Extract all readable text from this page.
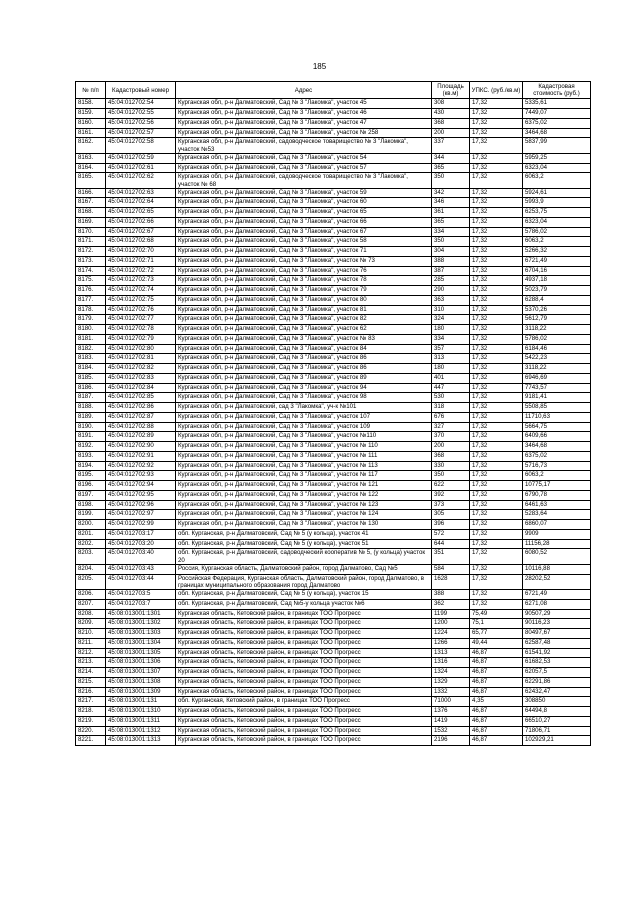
185
№ п/п	Кадастровый номер	Адрес	Площадь (кв.м)	УПКС. (руб./кв.м)	Кадастровая стоимость (руб.)
8158.	45:04:012702:54	Курганская обл, р-н Далматовский, Сад № 3 "Лакомка", участок 45	308	17,32	5335,61
8159.	45:04:012702:55	Курганская обл, р-н Далматовский, Сад № 3 "Лакомка", участок 46	430	17,32	7449,07
8160.	45:04:012702:56	Курганская обл, р-н Далматовский, Сад № 3 "Лакомка", участок 47	368	17,32	6375,02
8161.	45:04:012702:57	Курганская обл, р-н Далматовский, Сад № 3 "Лакомка", участок № 258	200	17,32	3464,68
8162.	45:04:012702:58	Курганская обл, р-н Далматовский, садоводческое товарищество № 3 "Лакомка", участок №53	337	17,32	5837,99
8163.	45:04:012702:59	Курганская обл, р-н Далматовский, Сад № 3 "Лакомка", участок 54	344	17,32	5959,25
8164.	45:04:012702:61	Курганская обл, р-н Далматовский, Сад № 3 "Лакомка", участок 57	365	17,32	6323,04
8165.	45:04:012702:62	Курганская обл, р-н Далматовский, садоводческое товарищество № 3 "Лакомка", участок № 68	350	17,32	6063,2
8166.	45:04:012702:63	Курганская обл, р-н Далматовский, Сад № 3 "Лакомка", участок 59	342	17,32	5924,61
8167.	45:04:012702:64	Курганская обл, р-н Далматовский, Сад № 3 "Лакомка", участок 60	346	17,32	5993,9
8168.	45:04:012702:65	Курганская обл, р-н Далматовский, Сад № 3 "Лакомка", участок 65	361	17,32	6253,75
8169.	45:04:012702:66	Курганская обл, р-н Далматовский, Сад № 3 "Лакомка", участок 66	365	17,32	6323,04
8170.	45:04:012702:67	Курганская обл, р-н Далматовский, Сад № 3 "Лакомка", участок 67	334	17,32	5786,02
8171.	45:04:012702:68	Курганская обл, р-н Далматовский, Сад № 3 "Лакомка", участок 58	350	17,32	6063,2
8172.	45:04:012702:70	Курганская обл, р-н Далматовский, Сад № 3 "Лакомка", участок 71	304	17,32	5266,32
8173.	45:04:012702:71	Курганская обл, р-н Далматовский, Сад № 3 "Лакомка", участок № 73	388	17,32	6721,49
8174.	45:04:012702:72	Курганская обл, р-н Далматовский, Сад № 3 "Лакомка", участок 76	387	17,32	6704,16
8175.	45:04:012702:73	Курганская обл, р-н Далматовский, Сад № 3 "Лакомка", участок 78	285	17,32	4937,18
8176.	45:04:012702:74	Курганская обл, р-н Далматовский, Сад № 3 "Лакомка", участок 79	290	17,32	5023,79
8177.	45:04:012702:75	Курганская обл, р-н Далматовский, Сад № 3 "Лакомка", участок 80	363	17,32	6288,4
8178.	45:04:012702:76	Курганская обл, р-н Далматовский, Сад № 3 "Лакомка", участок 81	310	17,32	5370,26
8179.	45:04:012702:77	Курганская обл, р-н Далматовский, Сад № 3 "Лакомка", участок 82	324	17,32	5612,79
8180.	45:04:012702:78	Курганская обл, р-н Далматовский, Сад № 3 "Лакомка", участок 62	180	17,32	3118,22
8181.	45:04:012702:79	Курганская обл, р-н Далматовский, Сад № 3 "Лакомка", участок № 83	334	17,32	5786,02
8182.	45:04:012702:80	Курганская обл, р-н Далматовский, Сад № 3 "Лакомка", участок 84	357	17,32	6184,46
8183.	45:04:012702:81	Курганская обл, р-н Далматовский, Сад № 3 "Лакомка", участок 86	313	17,32	5422,23
8184.	45:04:012702:82	Курганская обл, р-н Далматовский, Сад № 3 "Лакомка", участок 86	180	17,32	3118,22
8185.	45:04:012702:83	Курганская обл, р-н Далматовский, Сад № 3 "Лакомка", участок 89	401	17,32	6946,69
8186.	45:04:012702:84	Курганская обл, р-н Далматовский, Сад № 3 "Лакомка", участок 94	447	17,32	7743,57
8187.	45:04:012702:85	Курганская обл, р-н Далматовский, Сад № 3 "Лакомка", участок 98	530	17,32	9181,41
8188.	45:04:012702:86	Курганская обл, р-н Далматовский, сад 3 "Лакомка", уч-к №101	318	17,32	5508,85
8189.	45:04:012702:87	Курганская обл, р-н Далматовский, Сад № 3 "Лакомка", участок 107	676	17,32	11710,63
8190.	45:04:012702:88	Курганская обл, р-н Далматовский, Сад № 3 "Лакомка", участок 109	327	17,32	5664,75
8191.	45:04:012702:89	Курганская обл, р-н Далматовский, Сад № 3 "Лакомка", участок №110	370	17,32	6409,66
8192.	45:04:012702:90	Курганская обл, р-н Далматовский, Сад № 3 "Лакомка", участок № 110	200	17,32	3464,68
8193.	45:04:012702:91	Курганская обл, р-н Далматовский, Сад № 3 "Лакомка", участок № 111	368	17,32	6375,02
8194.	45:04:012702:92	Курганская обл, р-н Далматовский, Сад № 3 "Лакомка", участок № 113	330	17,32	5716,73
8195.	45:04:012702:93	Курганская обл, р-н Далматовский, Сад № 3 "Лакомка", участок № 117	350	17,32	6063,2
8196.	45:04:012702:94	Курганская обл, р-н Далматовский, Сад № 3 "Лакомка", участок № 121	622	17,32	10775,17
8197.	45:04:012702:95	Курганская обл, р-н Далматовский, Сад № 3 "Лакомка", участок № 122	392	17,32	6790,78
8198.	45:04:012702:96	Курганская обл, р-н Далматовский, Сад № 3 "Лакомка", участок № 123	373	17,32	6461,63
8199.	45:04:012702:97	Курганская обл, р-н Далматовский, Сад № 3 "Лакомка", участок № 124	305	17,32	5283,64
8200.	45:04:012702:99	Курганская обл, р-н Далматовский, Сад № 3 "Лакомка", участок № 130	396	17,32	6860,07
8201.	45:04:012703:17	обл. Курганская, р-н Далматовский, Сад № 5 (у кольца), участок 41	572	17,32	9909
8202.	45:04:012703:20	обл. Курганская, р-н Далматовский, Сад № 5 (у кольца), участок 51	644	17,32	11156,28
8203.	45:04:012703:40	обл. Курганская, р-н Далматовский, садоводческий кооператив № 5, (у кольца) участок 20	351	17,32	6080,52
8204.	45:04:012703:43	Россия, Курганская область, Далматовский район, город Далматово, Сад №5	584	17,32	10116,88
8205.	45:04:012703:44	Российская Федерация, Курганская область, Далматовский район, город Далматово, в границах муниципального образования город Далматово	1628	17,32	28202,52
8206.	45:04:012703:5	обл. Курганская, р-н Далматовский, Сад № 5 (у кольца), участок 15	388	17,32	6721,49
8207.	45:04:012703:7	обл. Курганская, р-н Далматовский, Сад №5-у кольца участок №6	362	17,32	6271,08
8208.	45:08:013001:1301	Курганская область, Кетовский район, в границах ТОО Прогресс	1199	75,49	90507,29
8209.	45:08:013001:1302	Курганская область, Кетовский район, в границах ТОО Прогресс	1200	75,1	90116,23
8210.	45:08:013001:1303	Курганская область, Кетовский район, в границах ТОО Прогресс	1224	65,77	80497,67
8211.	45:08:013001:1304	Курганская область, Кетовский район, в границах ТОО Прогресс	1266	49,44	62587,48
8212.	45:08:013001:1305	Курганская область, Кетовский район, в границах ТОО Прогресс	1313	46,87	61541,92
8213.	45:08:013001:1306	Курганская область, Кетовский район, в границах ТОО Прогресс	1316	46,87	61682,53
8214.	45:08:013001:1307	Курганская область, Кетовский район, в границах ТОО Прогресс	1324	46,87	62057,5
8215.	45:08:013001:1308	Курганская область, Кетовский район, в границах ТОО Прогресс	1329	46,87	62291,86
8216.	45:08:013001:1309	Курганская область, Кетовский район, в границах ТОО Прогресс	1332	46,87	62432,47
8217.	45:08:013001:131	обл. Курганская, Кетовский район, в границах ТОО Прогресс	71000	4,35	308850
8218.	45:08:013001:1310	Курганская область, Кетовский район, в границах ТОО Прогресс	1376	46,87	64494,8
8219.	45:08:013001:1311	Курганская область, Кетовский район, в границах ТОО Прогресс	1419	46,87	66510,27
8220.	45:08:013001:1312	Курганская область, Кетовский район, в границах ТОО Прогресс	1532	46,87	71806,71
8221.	45:08:013001:1313	Курганская область, Кетовский район, в границах ТОО Прогресс	2196	46,87	102929,21
